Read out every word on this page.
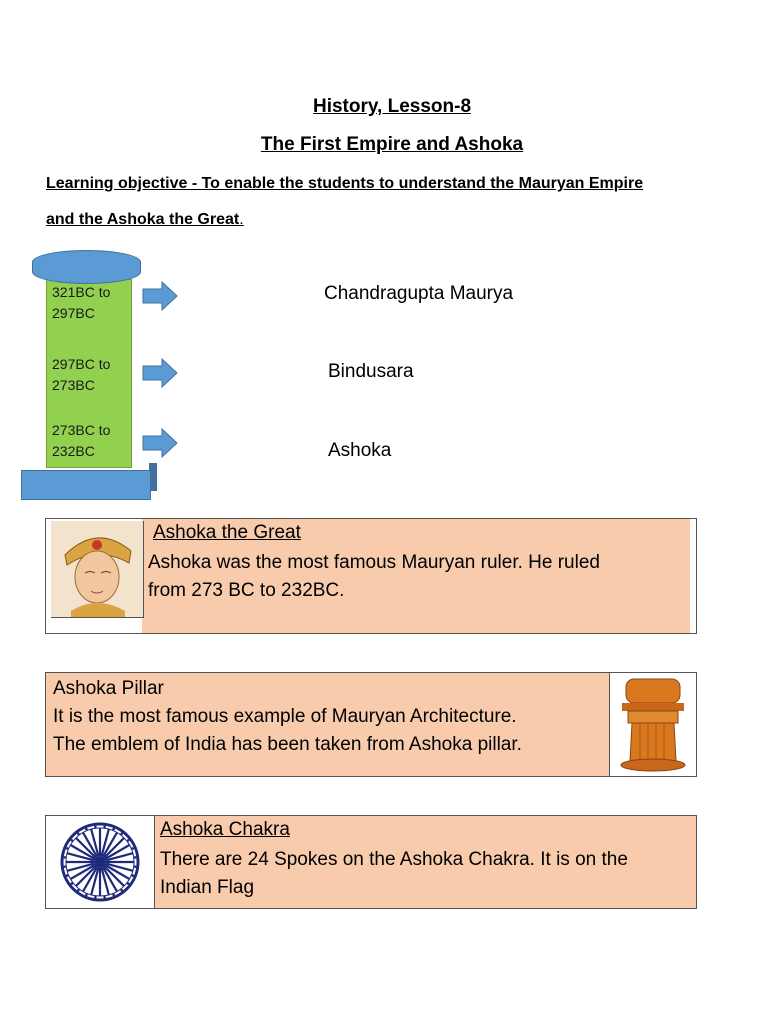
History, Lesson-8
The First Empire and Ashoka
Learning objective - To enable the students to understand the Mauryan Empire
and the Ashoka the Great.
321BC to
297BC
297BC to
273BC
273BC to
232BC
Chandragupta Maurya
Bindusara
Ashoka
Ashoka the Great
Ashoka was the most famous Mauryan ruler. He ruled
from 273 BC to 232BC.
Ashoka Pillar
It is the most famous example of Mauryan Architecture.
The emblem of India has been taken from Ashoka pillar.
Ashoka Chakra
There are 24 Spokes on the Ashoka Chakra. It is on the
Indian Flag
